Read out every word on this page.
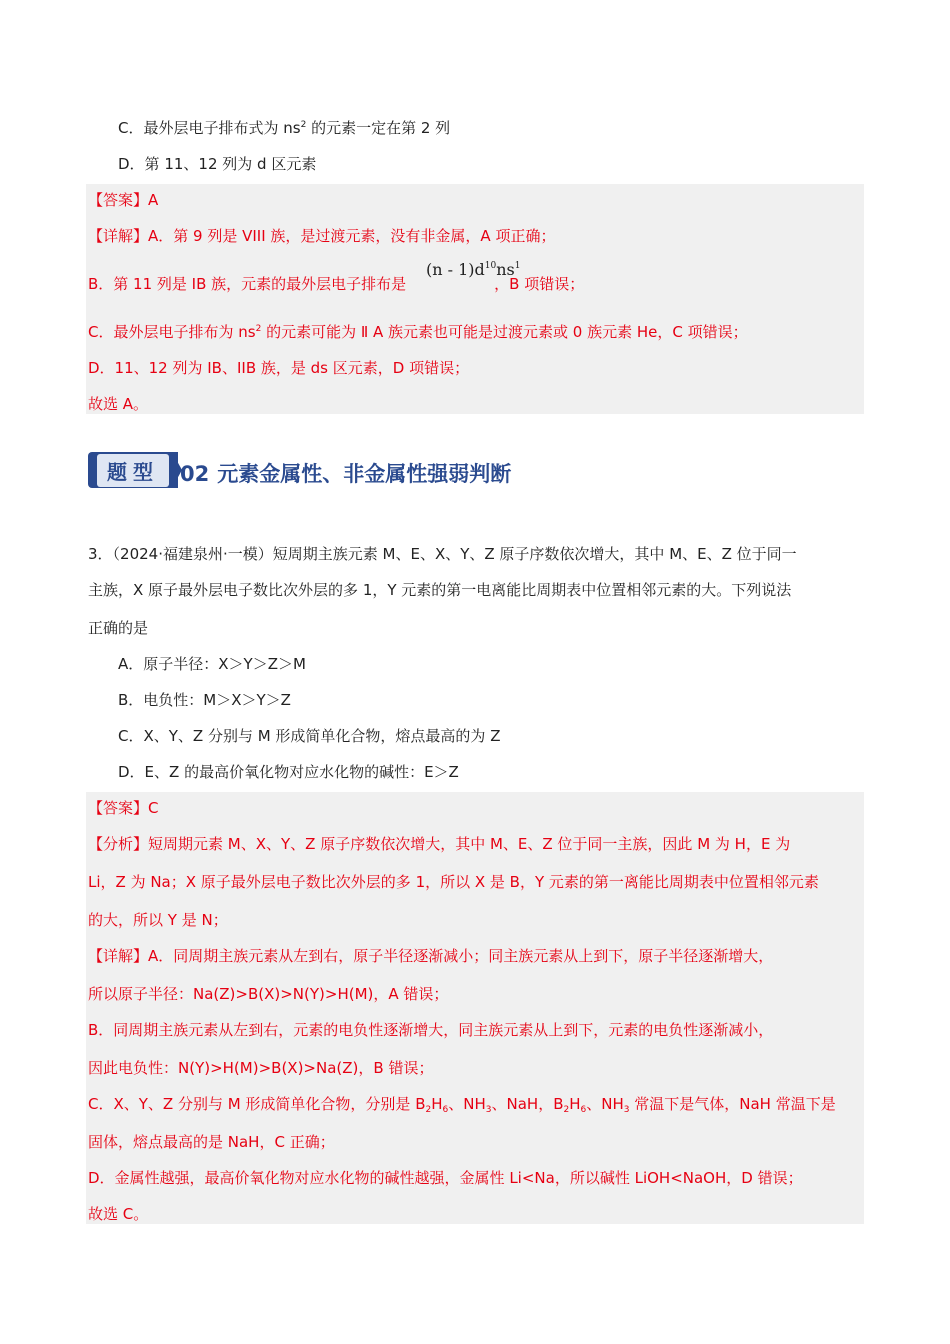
C．最外层电子排布式为 $ns^2$ 的元素一定在第 2 列
D．第 11、12 列为 d 区元素
【答案】A
【详解】A．第 9 列是 VIII 族，是过渡元素，没有非金属，A 项正确；
B．第 11 列是 IB 族，元素的最外层电子排布是	，B 项错误；
$(n - 1)d^{10}ns^1$
C．最外层电子排布为 $ns^2$ 的元素可能为 Ⅱ A 族元素也可能是过渡元素或 0 族元素 He，C 项错误；
D．11、12 列为 IB、IIB 族，是 ds 区元素，D 项错误；
故选 A。
题型	02 元素金属性、非金属性强弱判断
3．（2024·福建泉州·一模）短周期主族元素 M、E、X、Y、Z 原子序数依次增大，其中 M、E、Z 位于同一
主族，X 原子最外层电子数比次外层的多 1，Y 元素的第一电离能比周期表中位置相邻元素的大。下列说法
正确的是
A．原子半径：X＞Y＞Z＞M
B．电负性：M＞X＞Y＞Z
C．X、Y、Z 分别与 M 形成简单化合物，熔点最高的为 Z
D．E、Z 的最高价氧化物对应水化物的碱性：E＞Z
【答案】C
【分析】短周期元素 M、X、Y、Z 原子序数依次增大，其中 M、E、Z 位于同一主族，因此 M 为 H，E 为
Li，Z 为 Na；X 原子最外层电子数比次外层的多 1，所以 X 是 B，Y 元素的第一离能比周期表中位置相邻元素
的大，所以 Y 是 N；
【详解】A．同周期主族元素从左到右，原子半径逐渐减小；同主族元素从上到下，原子半径逐渐增大，
所以原子半径：Na(Z)>B(X)>N(Y)>H(M)，A 错误；
B．同周期主族元素从左到右，元素的电负性逐渐增大，同主族元素从上到下，元素的电负性逐渐减小，
因此电负性：N(Y)>H(M)>B(X)>Na(Z)，B 错误；
C．X、Y、Z 分别与 M 形成简单化合物，分别是 $B_2H_6$、$NH_3$、NaH，$B_2H_6$、$NH_3$ 常温下是气体，NaH 常温下是
固体，熔点最高的是 NaH，C 正确；
D．金属性越强，最高价氧化物对应水化物的碱性越强，金属性 Li<Na，所以碱性 LiOH<NaOH，D 错误；
故选 C。
